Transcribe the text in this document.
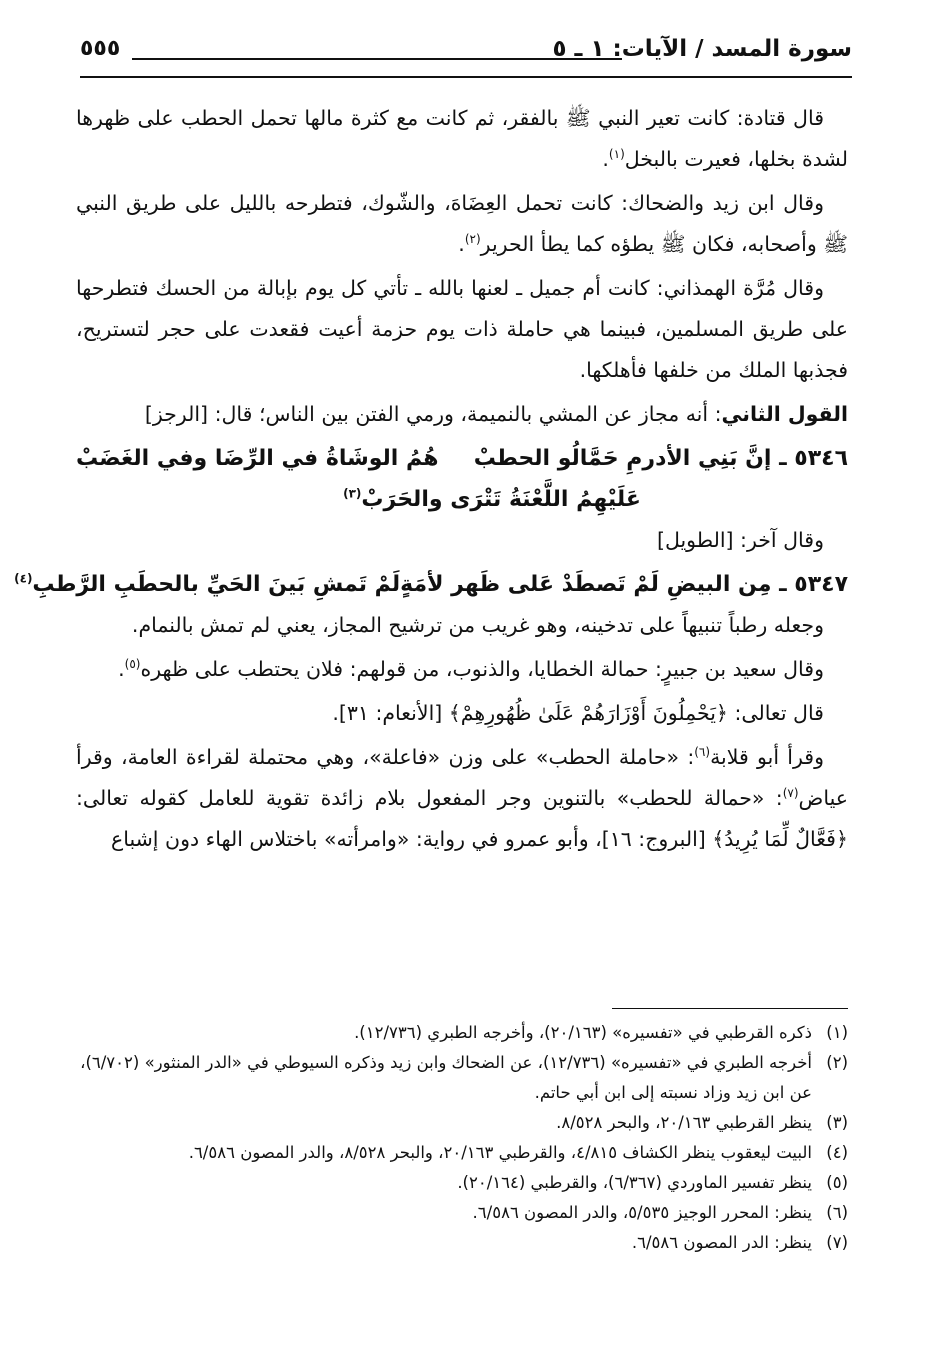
٥٥٥	سورة المسد / الآيات: ١ ـ ٥

قال قتادة: كانت تعير النبي ﷺ بالفقر، ثم كانت مع كثرة مالها تحمل الحطب على ظهرها لشدة بخلها، فعيرت بالبخل$^{(١)}$.

وقال ابن زيد والضحاك: كانت تحمل العِضَاهَ، والشّوك، فتطرحه بالليل على طريق النبي ﷺ وأصحابه، فكان ﷺ يطؤه كما يطأ الحرير$^{(٢)}$.

وقال مُرَّة الهمذاني: كانت أم جميل ـ لعنها بالله ـ تأتي كل يوم بإبالة من الحسك فتطرحها على طريق المسلمين، فبينما هي حاملة ذات يوم حزمة أعيت فقعدت على حجر لتستريح، فجذبها الملك من خلفها فأهلكها.

القول الثاني: أنه مجاز عن المشي بالنميمة، ورمي الفتن بين الناس؛ قال: [الرجز]

٥٣٤٦ ـ إنَّ بَنِي الأدرمِ حَمَّالُو الحطبْ
هُمُ الوشَاةُ في الرِّضَا وفي الغَضَبْ
عَلَيْهِمُ اللَّعْنَةُ تَتْرَى والحَرَبْ$^{(٣)}$

وقال آخر: [الطويل]

٥٣٤٧ ـ مِن البيضِ لَمْ تَصطَدْ عَلى ظَهر لأمَةٍ
لَمْ تَمشِ بَينَ الحَيِّ بالحطَبِ الرَّطبِ$^{(٤)}$

وجعله رطباً تنبيهاً على تدخينه، وهو غريب من ترشيح المجاز، يعني لم تمش بالنمام.

وقال سعيد بن جبيرٍ: حمالة الخطايا، والذنوب، من قولهم: فلان يحتطب على ظهره$^{(٥)}$.

قال تعالى: ﴿يَحْمِلُونَ أَوْزَارَهُمْ عَلَىٰ ظُهُورِهِمْ﴾ [الأنعام: ٣١].

وقرأ أبو قلابة$^{(٦)}$: «حاملة الحطب» على وزن «فاعلة»، وهي محتملة لقراءة العامة، وقرأ عياض$^{(٧)}$: «حمالة للحطب» بالتنوين وجر المفعول بلام زائدة تقوية للعامل كقوله تعالى: ﴿فَعَّالٌ لِّمَا يُرِيدُ﴾ [البروج: ١٦]، وأبو عمرو في رواية: «وامرأته» باختلاس الهاء دون إشباع

(١)
ذكره القرطبي في «تفسيره» (٢٠/١٦٣)، وأخرجه الطبري (١٢/٧٣٦).

(٢)
أخرجه الطبري في «تفسيره» (١٢/٧٣٦)، عن الضحاك وابن زيد وذكره السيوطي في «الدر المنثور» (٦/٧٠٢)، عن ابن زيد وزاد نسبته إلى ابن أبي حاتم.

(٣)
ينظر القرطبي ٢٠/١٦٣، والبحر ٨/٥٢٨.

(٤)
البيت ليعقوب ينظر الكشاف ٤/٨١٥، والقرطبي ٢٠/١٦٣، والبحر ٨/٥٢٨، والدر المصون ٦/٥٨٦.

(٥)
ينظر تفسير الماوردي (٦/٣٦٧)، والقرطبي (٢٠/١٦٤).

(٦)
ينظر: المحرر الوجيز ٥/٥٣٥، والدر المصون ٦/٥٨٦.

(٧)
ينظر: الدر المصون ٦/٥٨٦.
